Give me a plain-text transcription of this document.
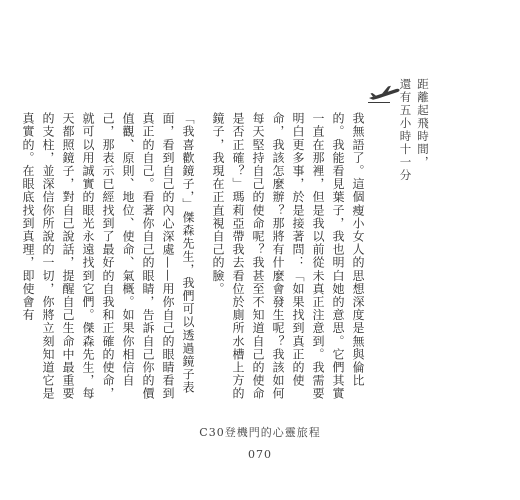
距離起飛時間，
還有五小時十一分

我無語了。這個瘦小女人的思想深度是無與倫比的。我能看見葉子，我也明白她的意思。它們其實一直在那裡，但是我以前從未真正注意到。我需要明白更多事，於是接著問：「如果找到真正的使命，我該怎麼辦？那將有什麼會發生呢？我該如何每天堅持自己的使命呢？我甚至不知道自己的使命是否正確？」瑪莉亞帶我去看位於廁所水槽上方的鏡子，我現在正直視自己的臉。

「我喜歡鏡子，」傑森先生，我們可以透過鏡子表面，看到自己的內心深處——用你自己的眼睛看到真正的自己。看著你自己的眼睛，告訴自己你的價值觀、原則、地位、使命、氣概。如果你相信自己，那表示已經找到了最好的自我和正確的使命，就可以用誠實的眼光永遠找到它們。傑森先生，每天都照鏡子，對自己說話，提醒自己生命中最重要的支柱，並深信你所說的一切，你將立刻知道它是真實的。在眼底找到真理，即使會有

C30登機門的心靈旅程
070
